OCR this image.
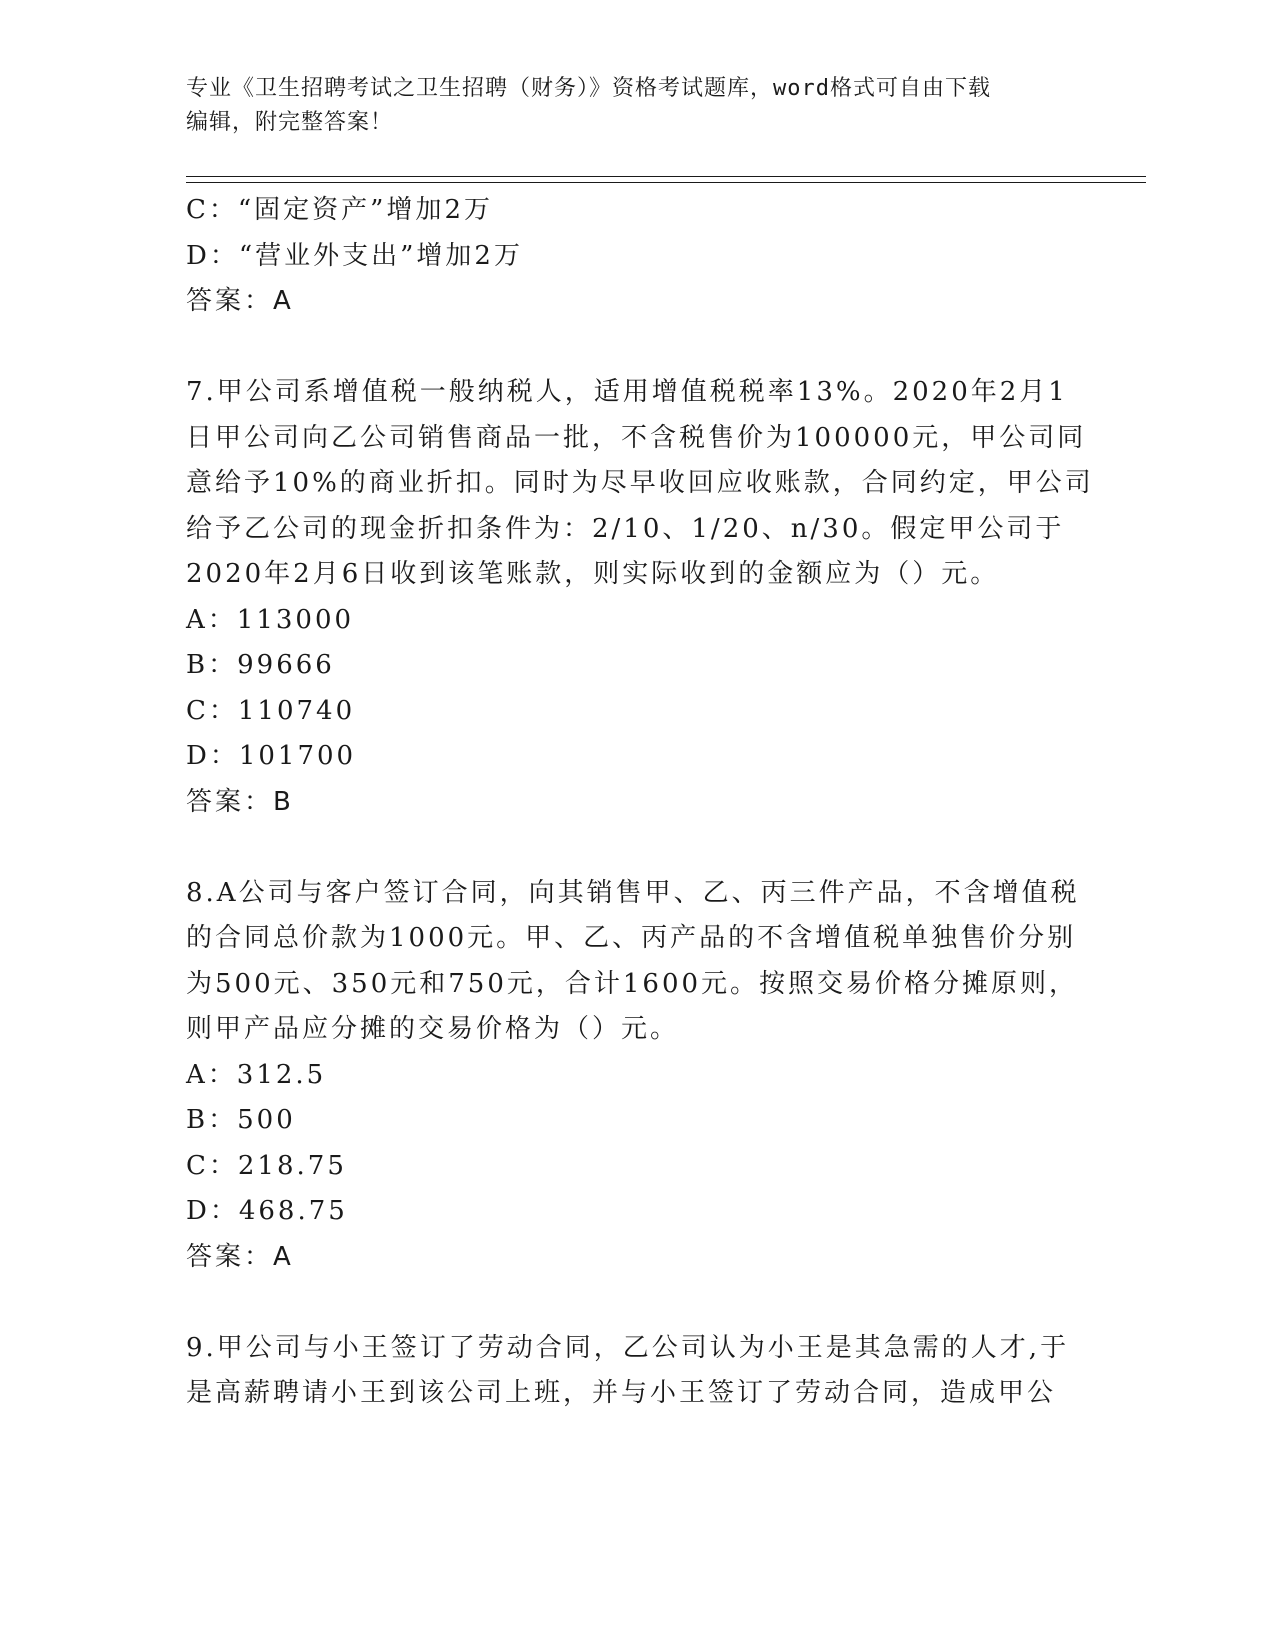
专业《卫生招聘考试之卫生招聘（财务）》资格考试题库，word格式可自由下载
编辑，附完整答案！
C：“固定资产”增加2万
D：“营业外支出”增加2万
答案：A
7.甲公司系增值税一般纳税人，适用增值税税率13%。2020年2月1
日甲公司向乙公司销售商品一批，不含税售价为100000元，甲公司同
意给予10%的商业折扣。同时为尽早收回应收账款，合同约定，甲公司
给予乙公司的现金折扣条件为：2/10、1/20、n/30。假定甲公司于
2020年2月6日收到该笔账款，则实际收到的金额应为（）元。
A：113000
B：99666
C：110740
D：101700
答案：B
8.A公司与客户签订合同，向其销售甲、乙、丙三件产品，不含增值税
的合同总价款为1000元。甲、乙、丙产品的不含增值税单独售价分别
为500元、350元和750元，合计1600元。按照交易价格分摊原则，
则甲产品应分摊的交易价格为（）元。
A：312.5
B：500
C：218.75
D：468.75
答案：A
9.甲公司与小王签订了劳动合同，乙公司认为小王是其急需的人才,于
是高薪聘请小王到该公司上班，并与小王签订了劳动合同，造成甲公
